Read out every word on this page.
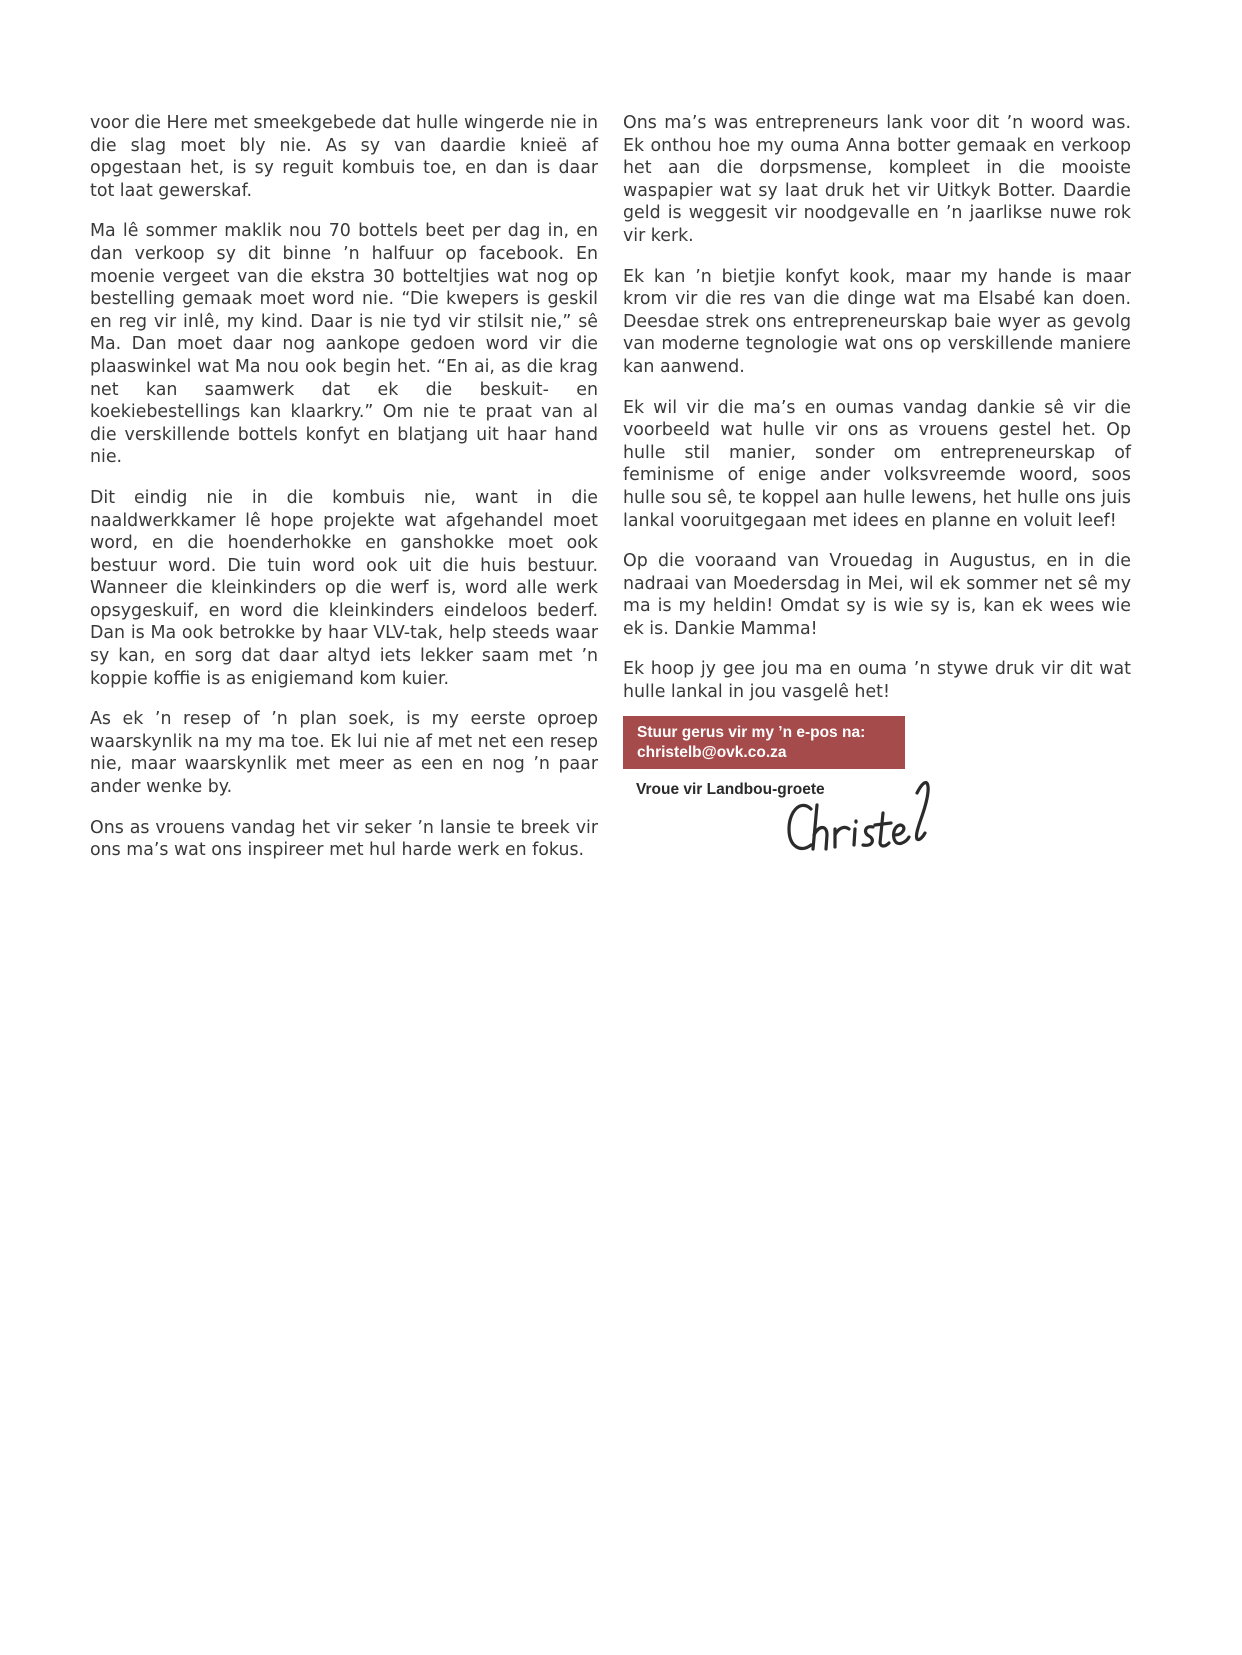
voor die Here met smeekgebede dat hulle wingerde nie in die slag moet bly nie. As sy van daardie knieë af opgestaan het, is sy reguit kombuis toe, en dan is daar tot laat gewerskaf.

Ma lê sommer maklik nou 70 bottels beet per dag in, en dan verkoop sy dit binne ’n halfuur op facebook. En moenie vergeet van die ekstra 30 botteltjies wat nog op bestelling gemaak moet word nie. “Die kwepers is geskil en reg vir inlê, my kind. Daar is nie tyd vir stilsit nie,” sê Ma. Dan moet daar nog aankope gedoen word vir die plaaswinkel wat Ma nou ook begin het. “En ai, as die krag net kan saamwerk dat ek die beskuit- en koekiebestellings kan klaarkry.” Om nie te praat van al die verskillende bottels konfyt en blatjang uit haar hand nie.

Dit eindig nie in die kombuis nie, want in die naaldwerkkamer lê hope projekte wat afgehandel moet word, en die hoenderhokke en ganshokke moet ook bestuur word. Die tuin word ook uit die huis bestuur. Wanneer die kleinkinders op die werf is, word alle werk opsygeskuif, en word die kleinkinders eindeloos bederf. Dan is Ma ook betrokke by haar VLV-tak, help steeds waar sy kan, en sorg dat daar altyd iets lekker saam met ’n koppie koffie is as enigiemand kom kuier.

As ek ’n resep of ’n plan soek, is my eerste oproep waarskynlik na my ma toe. Ek lui nie af met net een resep nie, maar waarskynlik met meer as een en nog ’n paar ander wenke by.

Ons as vrouens vandag het vir seker ’n lansie te breek vir ons ma’s wat ons inspireer met hul harde werk en fokus.

Ons ma’s was entrepreneurs lank voor dit ’n woord was. Ek onthou hoe my ouma Anna botter gemaak en verkoop het aan die dorpsmense, kompleet in die mooiste waspapier wat sy laat druk het vir Uitkyk Botter. Daardie geld is weggesit vir noodgevalle en ’n jaarlikse nuwe rok vir kerk.

Ek kan ’n bietjie konfyt kook, maar my hande is maar krom vir die res van die dinge wat ma Elsabé kan doen. Deesdae strek ons entrepreneurskap baie wyer as gevolg van moderne tegnologie wat ons op verskillende maniere kan aanwend.

Ek wil vir die ma’s en oumas vandag dankie sê vir die voorbeeld wat hulle vir ons as vrouens gestel het. Op hulle stil manier, sonder om entrepreneurskap of feminisme of enige ander volksvreemde woord, soos hulle sou sê, te koppel aan hulle lewens, het hulle ons juis lankal vooruitgegaan met idees en planne en voluit leef!

Op die vooraand van Vrouedag in Augustus, en in die nadraai van Moedersdag in Mei, wil ek sommer net sê my ma is my heldin! Omdat sy is wie sy is, kan ek wees wie ek is. Dankie Mamma!

Ek hoop jy gee jou ma en ouma ’n stywe druk vir dit wat hulle lankal in jou vasgelê het!

Stuur gerus vir my ’n e-pos na:
christelb@ovk.co.za
Vroue vir Landbou-groete
